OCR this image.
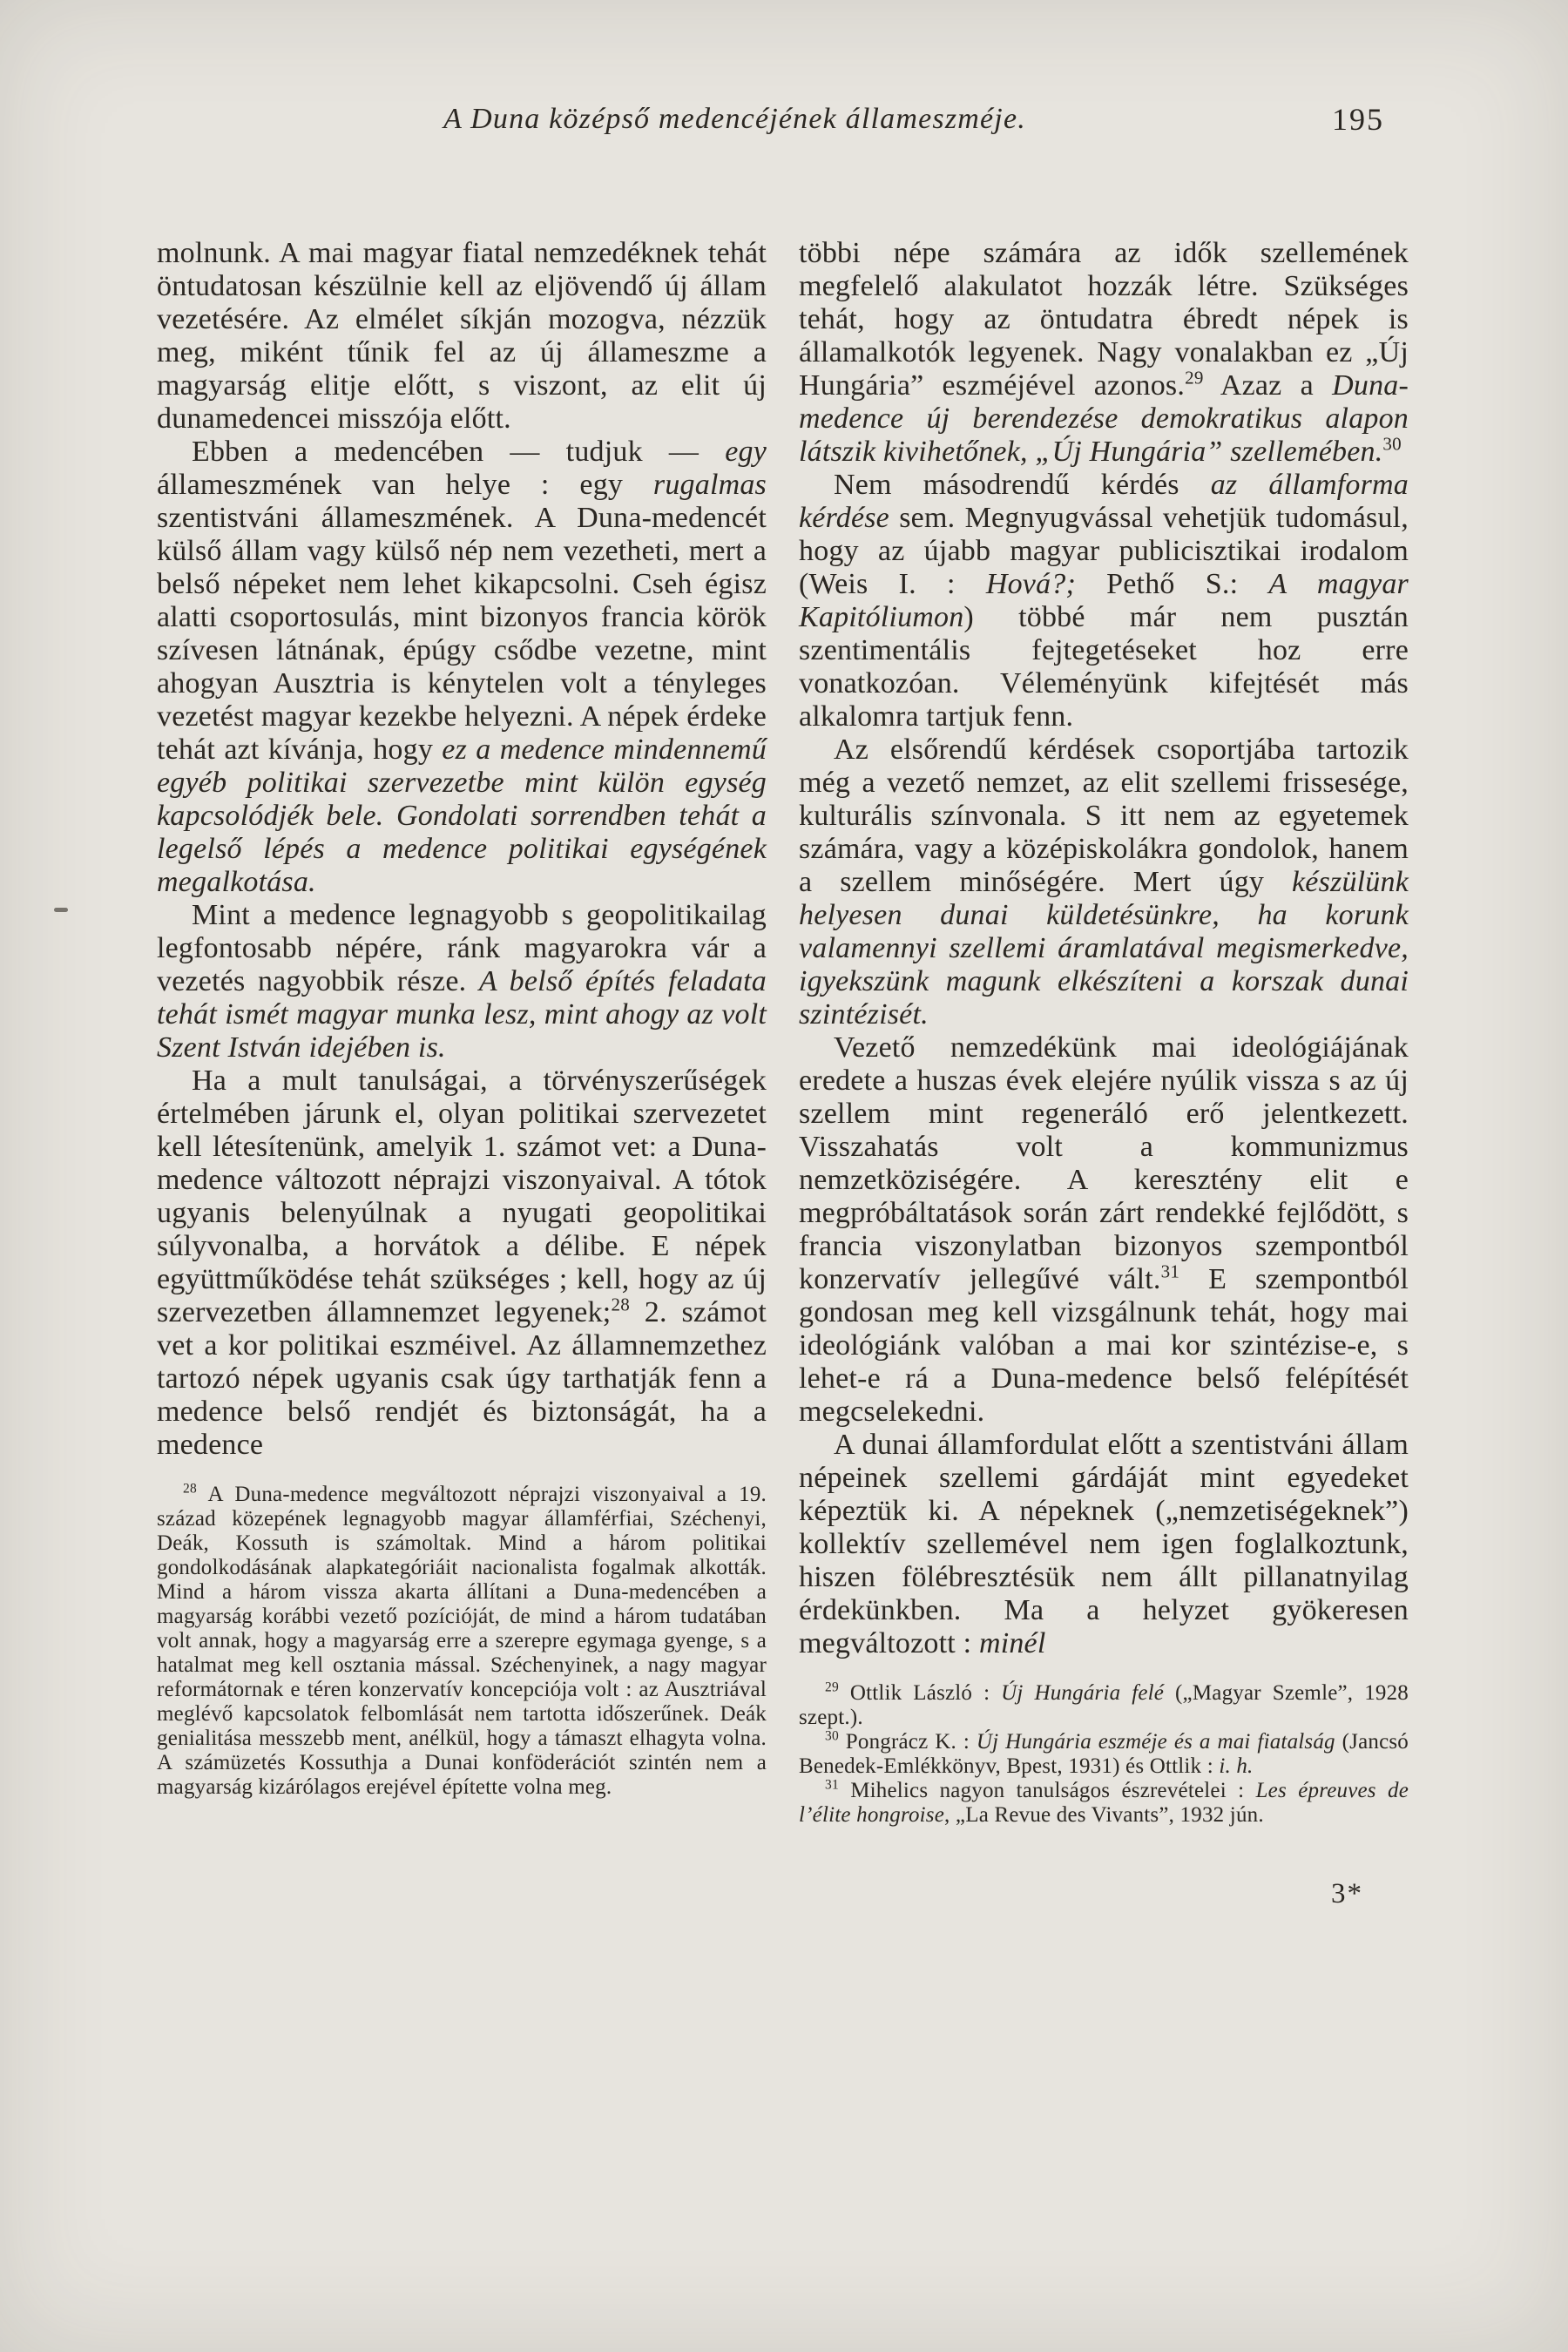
A Duna középső medencéjének állameszméje.	195

molnunk. A mai magyar fiatal nemzedéknek tehát öntudatosan készülnie kell az eljövendő új állam vezetésére. Az elmélet síkján mozogva, nézzük meg, miként tűnik fel az új állameszme a magyarság elitje előtt, s viszont, az elit új dunamedencei misszója előtt.

Ebben a medencében — tudjuk — egy állameszmének van helye : egy rugalmas szentistváni állameszmének. A Duna-medencét külső állam vagy külső nép nem vezetheti, mert a belső népeket nem lehet kikapcsolni. Cseh égisz alatti csoportosulás, mint bizonyos francia körök szívesen látnának, épúgy csődbe vezetne, mint ahogyan Ausztria is kénytelen volt a tényleges vezetést magyar kezekbe helyezni. A népek érdeke tehát azt kívánja, hogy ez a medence mindennemű egyéb politikai szervezetbe mint külön egység kapcsolódjék bele. Gondolati sorrendben tehát a legelső lépés a medence politikai egységének megalkotása.

Mint a medence legnagyobb s geopolitikailag legfontosabb népére, ránk magyarokra vár a vezetés nagyobbik része. A belső építés feladata tehát ismét magyar munka lesz, mint ahogy az volt Szent István idejében is.

Ha a mult tanulságai, a törvényszerűségek értelmében járunk el, olyan politikai szervezetet kell létesítenünk, amelyik 1. számot vet: a Duna-medence változott néprajzi viszonyaival. A tótok ugyanis belenyúlnak a nyugati geopolitikai súlyvonalba, a horvátok a délibe. E népek együttműködése tehát szükséges ; kell, hogy az új szervezetben államnemzet legyenek;$^{28}$ 2. számot vet a kor politikai eszméivel. Az államnemzethez tartozó népek ugyanis csak úgy tarthatják fenn a medence belső rendjét és biztonságát, ha a medence

$^{28}$ A Duna-medence megváltozott néprajzi viszonyaival a 19. század közepének legnagyobb magyar államférfiai, Széchenyi, Deák, Kossuth is számoltak. Mind a három politikai gondolkodásának alapkategóriáit nacionalista fogalmak alkották. Mind a három vissza akarta állítani a Duna-medencében a magyarság korábbi vezető pozícióját, de mind a három tudatában volt annak, hogy a magyarság erre a szerepre egymaga gyenge, s a hatalmat meg kell osztania mással. Széchenyinek, a nagy magyar reformátornak e téren konzervatív koncepciója volt : az Ausztriával meglévő kapcsolatok felbomlását nem tartotta időszerűnek. Deák genialitása messzebb ment, anélkül, hogy a támaszt elhagyta volna. A számüzetés Kossuthja a Dunai konföderációt szintén nem a magyarság kizárólagos erejével építette volna meg.

többi népe számára az idők szellemének megfelelő alakulatot hozzák létre. Szükséges tehát, hogy az öntudatra ébredt népek is államalkotók legyenek. Nagy vonalakban ez „Új Hungária” eszméjével azonos.$^{29}$ Azaz a Duna-medence új berendezése demokratikus alapon látszik kivihetőnek, „Új Hungária” szellemében.$^{30}$

Nem másodrendű kérdés az államforma kérdése sem. Megnyugvással vehetjük tudomásul, hogy az újabb magyar publicisztikai irodalom (Weis I. : Hová?; Pethő S.: A magyar Kapitóliumon) többé már nem pusztán szentimentális fejtegetéseket hoz erre vonatkozóan. Véleményünk kifejtését más alkalomra tartjuk fenn.

Az elsőrendű kérdések csoportjába tartozik még a vezető nemzet, az elit szellemi frissesége, kulturális színvonala. S itt nem az egyetemek számára, vagy a középiskolákra gondolok, hanem a szellem minőségére. Mert úgy készülünk helyesen dunai küldetésünkre, ha korunk valamennyi szellemi áramlatával megismerkedve, igyekszünk magunk elkészíteni a korszak dunai szintézisét.

Vezető nemzedékünk mai ideológiájának eredete a huszas évek elejére nyúlik vissza s az új szellem mint regeneráló erő jelentkezett. Visszahatás volt a kommunizmus nemzetköziségére. A keresztény elit e megpróbáltatások során zárt rendekké fejlődött, s francia viszonylatban bizonyos szempontból konzervatív jellegűvé vált.$^{31}$ E szempontból gondosan meg kell vizsgálnunk tehát, hogy mai ideológiánk valóban a mai kor szintézise-e, s lehet-e rá a Duna-medence belső felépítését megcselekedni.

A dunai államfordulat előtt a szentistváni állam népeinek szellemi gárdáját mint egyedeket képeztük ki. A népeknek („nemzetiségeknek”) kollektív szellemével nem igen foglalkoztunk, hiszen fölébresztésük nem állt pillanatnyilag érdekünkben. Ma a helyzet gyökeresen megváltozott : minél

$^{29}$ Ottlik László : Új Hungária felé („Magyar Szemle”, 1928 szept.).

$^{30}$ Pongrácz K. : Új Hungária eszméje és a mai fiatalság (Jancsó Benedek-Emlékkönyv, Bpest, 1931) és Ottlik : i. h.

$^{31}$ Mihelics nagyon tanulságos észrevételei : Les épreuves de l’élite hongroise, „La Revue des Vivants”, 1932 jún.

3*
